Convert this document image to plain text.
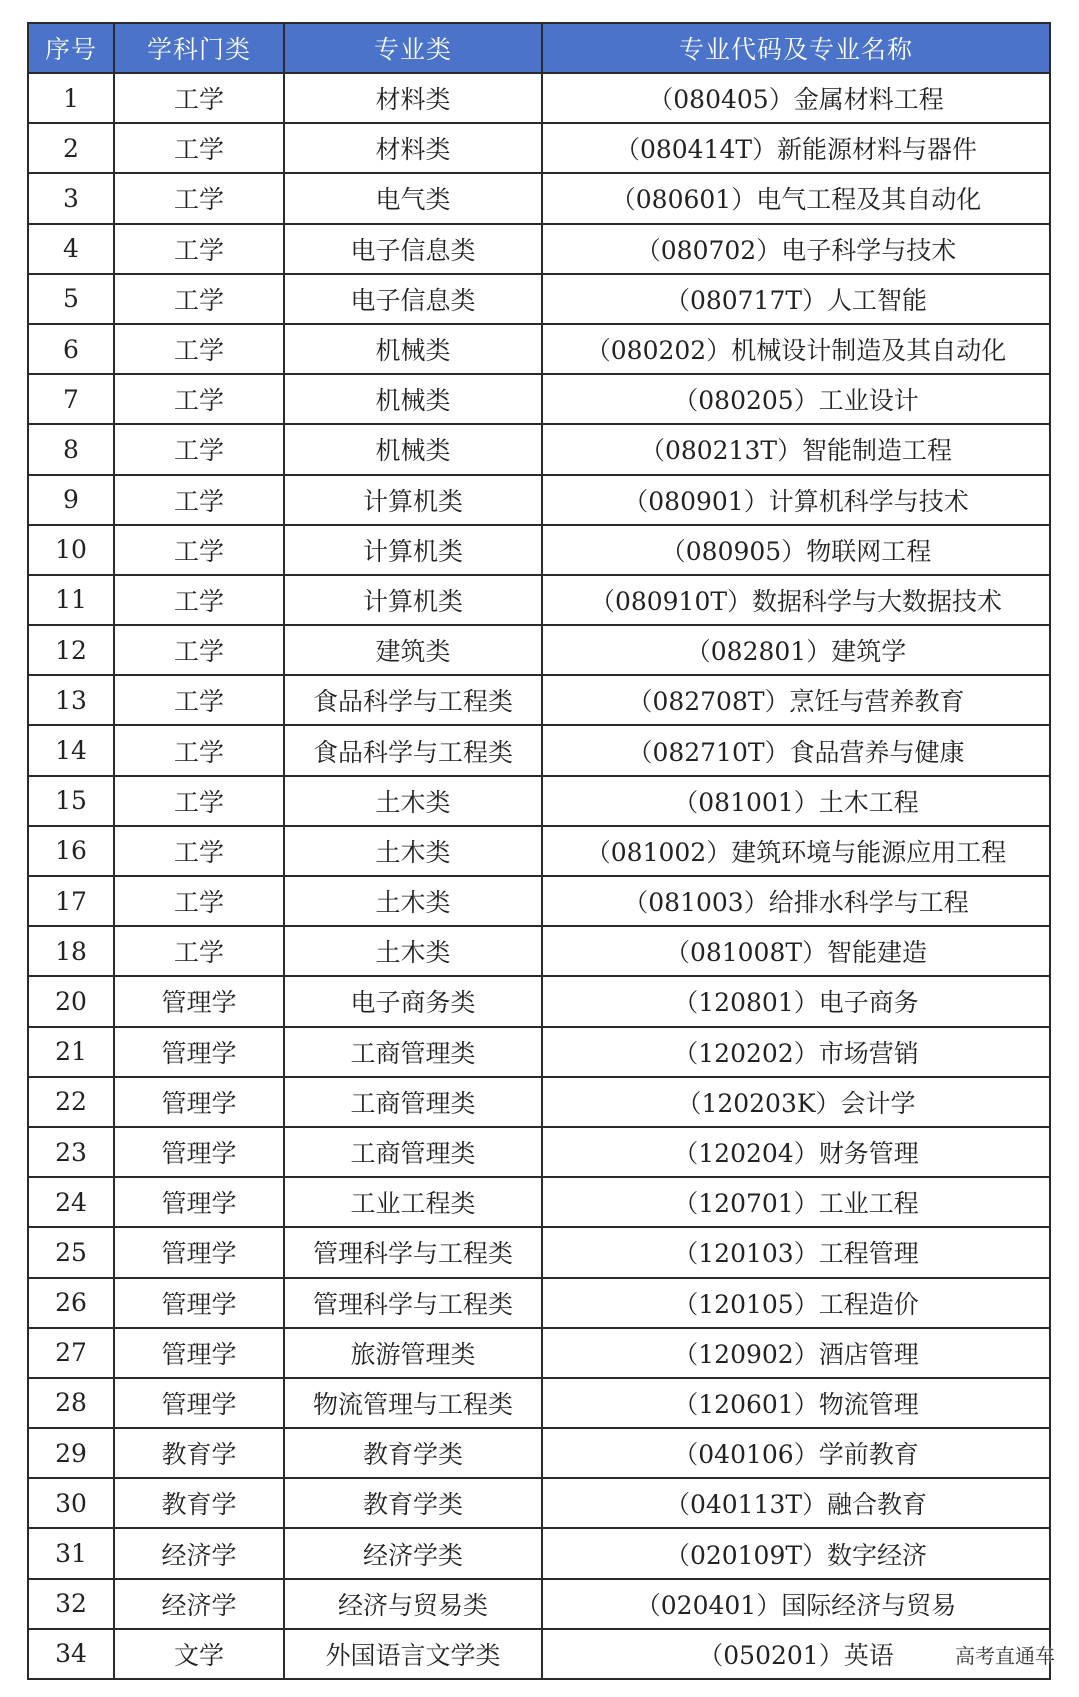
序号	学科门类	专业类	专业代码及专业名称
1	工学	材料类	（080405）金属材料工程
2	工学	材料类	（080414T）新能源材料与器件
3	工学	电气类	（080601）电气工程及其自动化
4	工学	电子信息类	（080702）电子科学与技术
5	工学	电子信息类	（080717T）人工智能
6	工学	机械类	（080202）机械设计制造及其自动化
7	工学	机械类	（080205）工业设计
8	工学	机械类	（080213T）智能制造工程
9	工学	计算机类	（080901）计算机科学与技术
10	工学	计算机类	（080905）物联网工程
11	工学	计算机类	（080910T）数据科学与大数据技术
12	工学	建筑类	（082801）建筑学
13	工学	食品科学与工程类	（082708T）烹饪与营养教育
14	工学	食品科学与工程类	（082710T）食品营养与健康
15	工学	土木类	（081001）土木工程
16	工学	土木类	（081002）建筑环境与能源应用工程
17	工学	土木类	（081003）给排水科学与工程
18	工学	土木类	（081008T）智能建造
20	管理学	电子商务类	（120801）电子商务
21	管理学	工商管理类	（120202）市场营销
22	管理学	工商管理类	（120203K）会计学
23	管理学	工商管理类	（120204）财务管理
24	管理学	工业工程类	（120701）工业工程
25	管理学	管理科学与工程类	（120103）工程管理
26	管理学	管理科学与工程类	（120105）工程造价
27	管理学	旅游管理类	（120902）酒店管理
28	管理学	物流管理与工程类	（120601）物流管理
29	教育学	教育学类	（040106）学前教育
30	教育学	教育学类	（040113T）融合教育
31	经济学	经济学类	（020109T）数字经济
32	经济学	经济与贸易类	（020401）国际经济与贸易
34	文学	外国语言文学类	（050201）英语	高考直通车
